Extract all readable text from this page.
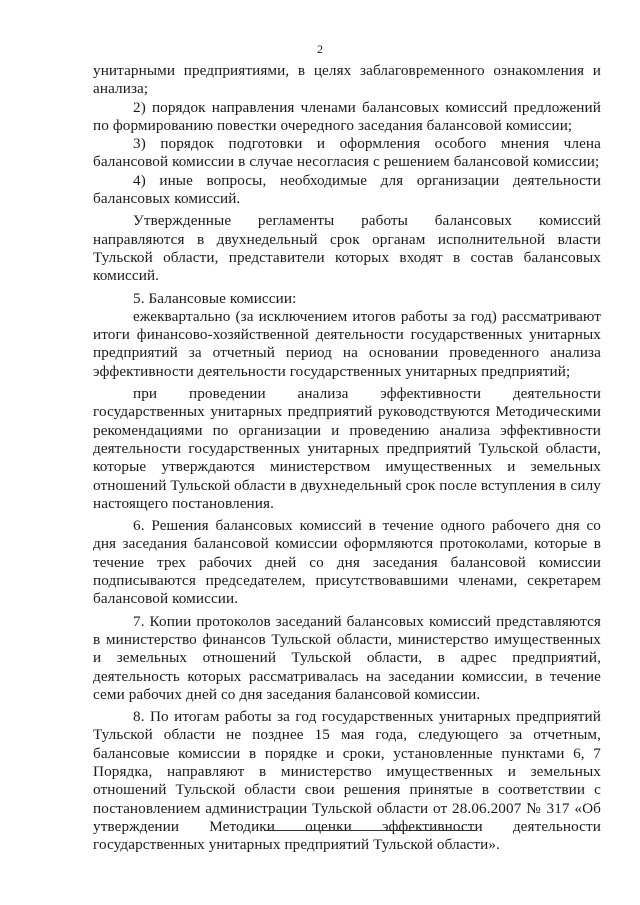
2

унитарными предприятиями, в целях заблаговременного ознакомления и анализа;

2) порядок направления членами балансовых комиссий предложений по формированию повестки очередного заседания балансовой комиссии;

3) порядок подготовки и оформления особого мнения члена балансовой комиссии в случае несогласия с решением балансовой комиссии;

4) иные вопросы, необходимые для организации деятельности балансовых комиссий.

Утвержденные регламенты работы балансовых комиссий направляются в двухнедельный срок органам исполнительной власти Тульской области, представители которых входят в состав балансовых комиссий.

5. Балансовые комиссии:

ежеквартально (за исключением итогов работы за год) рассматривают итоги финансово-хозяйственной деятельности государственных унитарных предприятий за отчетный период на основании проведенного анализа эффективности деятельности государственных унитарных предприятий;

при проведении анализа эффективности деятельности государственных унитарных предприятий руководствуются Методическими рекомендациями по организации и проведению анализа эффективности деятельности государственных унитарных предприятий Тульской области, которые утверждаются министерством имущественных и земельных отношений Тульской области в двухнедельный срок после вступления в силу настоящего постановления.

6. Решения балансовых комиссий в течение одного рабочего дня со дня заседания балансовой комиссии оформляются протоколами, которые в течение трех рабочих дней со дня заседания балансовой комиссии подписываются председателем, присутствовавшими членами, секретарем балансовой комиссии.

7. Копии протоколов заседаний балансовых комиссий представляются в министерство финансов Тульской области, министерство имущественных и земельных отношений Тульской области, в адрес предприятий, деятельность которых рассматривалась на заседании комиссии, в течение семи рабочих дней со дня заседания балансовой комиссии.

8. По итогам работы за год государственных унитарных предприятий Тульской области не позднее 15 мая года, следующего за отчетным, балансовые комиссии в порядке и сроки, установленные пунктами 6, 7 Порядка, направляют в министерство имущественных и земельных отношений Тульской области свои решения принятые в соответствии с постановлением администрации Тульской области от 28.06.2007 № 317 «Об утверждении Методики оценки эффективности деятельности государственных унитарных предприятий Тульской области».
